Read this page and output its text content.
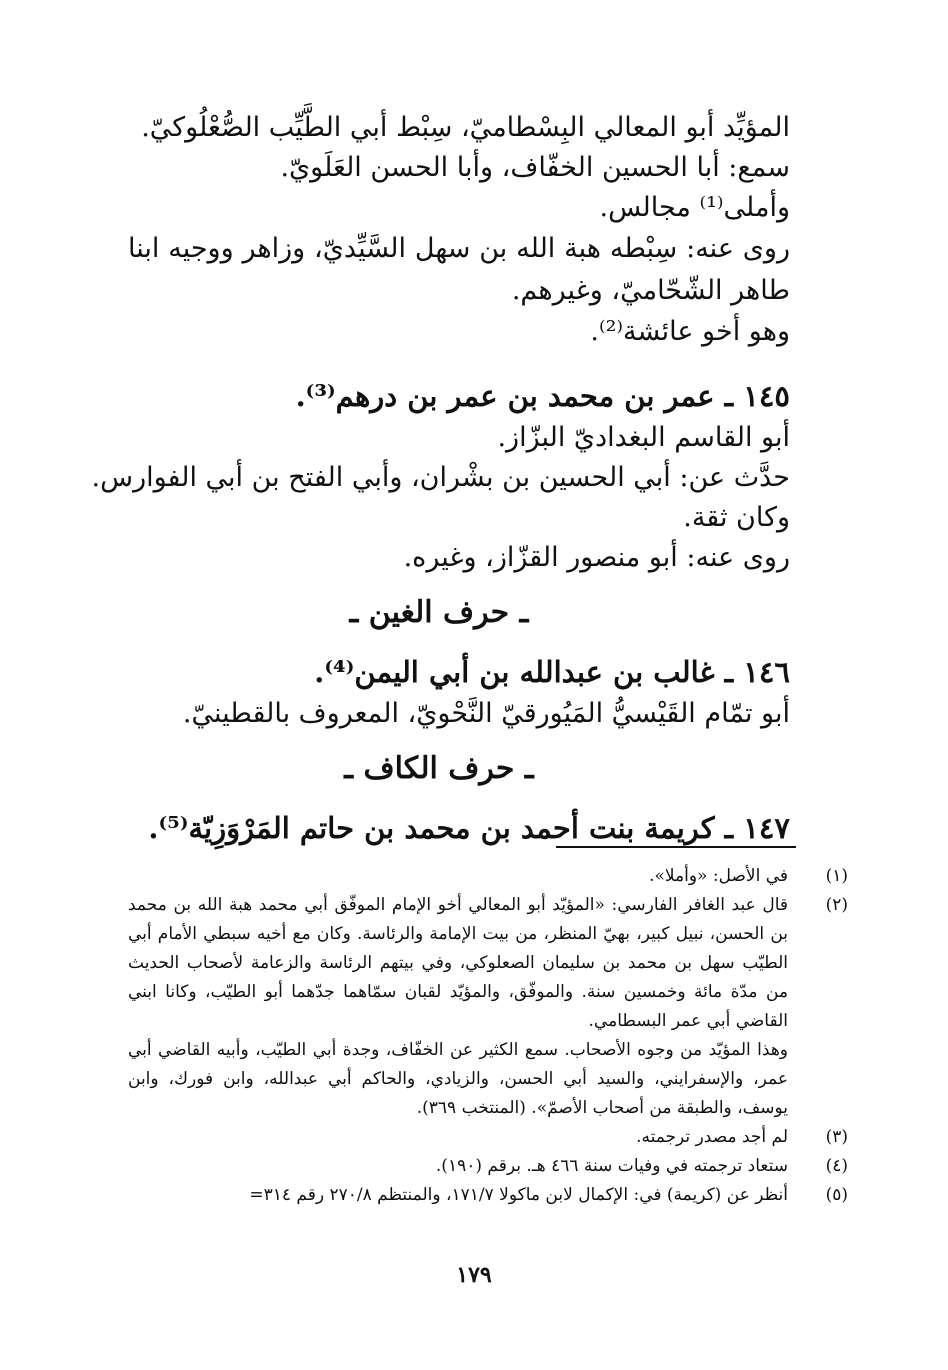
المؤيِّد أبو المعالي البِسْطاميّ، سِبْط أبي الطَّيِّب الصُّعْلُوكيّ.
سمع: أبا الحسين الخفّاف، وأبا الحسن العَلَويّ.
وأملى⁽¹⁾ مجالس.
روى عنه: سِبْطه هبة الله بن سهل السَّيِّديّ، وزاهر ووجيه ابنا طاهر الشّحّاميّ، وغيرهم.
وهو أخو عائشة⁽²⁾.
١٤٥ ـ عمر بن محمد بن عمر بن درهم⁽³⁾.
أبو القاسم البغداديّ البزّاز.
حدَّث عن: أبي الحسين بن بشْران، وأبي الفتح بن أبي الفوارس.
وكان ثقة.
روى عنه: أبو منصور القزّاز، وغيره.
ـ حرف الغين ـ
١٤٦ ـ غالب بن عبدالله بن أبي اليمن⁽⁴⁾.
أبو تمّام القَيْسيُّ المَيُورقيّ النَّحْويّ، المعروف بالقطينيّ.
ـ حرف الكاف ـ
١٤٧ ـ كريمة بنت أحمد بن محمد بن حاتم المَرْوَزِيّة⁽⁵⁾.
(١)
في الأصل: «وأملا».
(٢)
قال عبد الغافر الفارسي: «المؤيّد أبو المعالي أخو الإمام الموفّق أبي محمد هبة الله بن محمد بن الحسن، نبيل كبير، بهيّ المنظر، من بيت الإمامة والرئاسة. وكان مع أخيه سبطي الأمام أبي الطيّب سهل بن محمد بن سليمان الصعلوكي، وفي بيتهم الرئاسة والزعامة لأصحاب الحديث من مدّة مائة وخمسين سنة. والموفّق، والمؤيّد لقبان سمّاهما جدّهما أبو الطيّب، وكانا ابني القاضي أبي عمر البسطامي.
وهذا المؤيّد من وجوه الأصحاب. سمع الكثير عن الخفّاف، وجدة أبي الطيّب، وأبيه القاضي أبي عمر، والإسفرايني، والسيد أبي الحسن، والزيادي، والحاكم أبي عبدالله، وابن فورك، وابن يوسف، والطبقة من أصحاب الأصمّ». (المنتخب ٣٦٩).
(٣)
لم أجد مصدر ترجمته.
(٤)
ستعاد ترجمته في وفيات سنة ٤٦٦ هـ. برقم (١٩٠).
(٥)
أنظر عن (كريمة) في: الإكمال لابن ماكولا ١٧١/٧، والمنتظم ٢٧٠/٨ رقم ٣١٤=
١٧٩
